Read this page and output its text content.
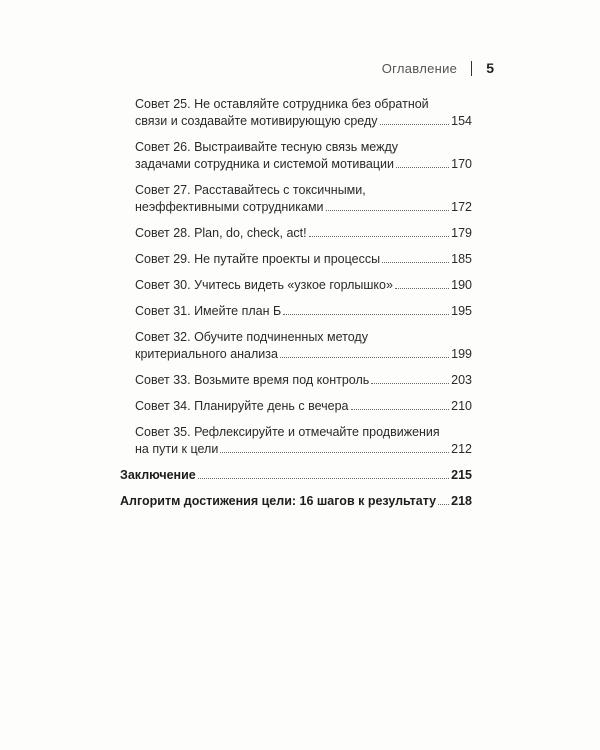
Оглавление 5
Совет 25. Не оставляйте сотрудника без обратной
связи и создавайте мотивирующую среду	154
Совет 26. Выстраивайте тесную связь между
задачами сотрудника и системой мотивации	170
Совет 27. Расставайтесь с токсичными,
неэффективными сотрудниками	172
Совет 28. Plan, do, check, act!	179
Совет 29. Не путайте проекты и процессы	185
Совет 30. Учитесь видеть «узкое горлышко»	190
Совет 31. Имейте план Б	195
Совет 32. Обучите подчиненных методу
критериального анализа	199
Совет 33. Возьмите время под контроль	203
Совет 34. Планируйте день с вечера	210
Совет 35. Рефлексируйте и отмечайте продвижения
на пути к цели	212
Заключение	215
Алгоритм достижения цели: 16 шагов к результату 218
